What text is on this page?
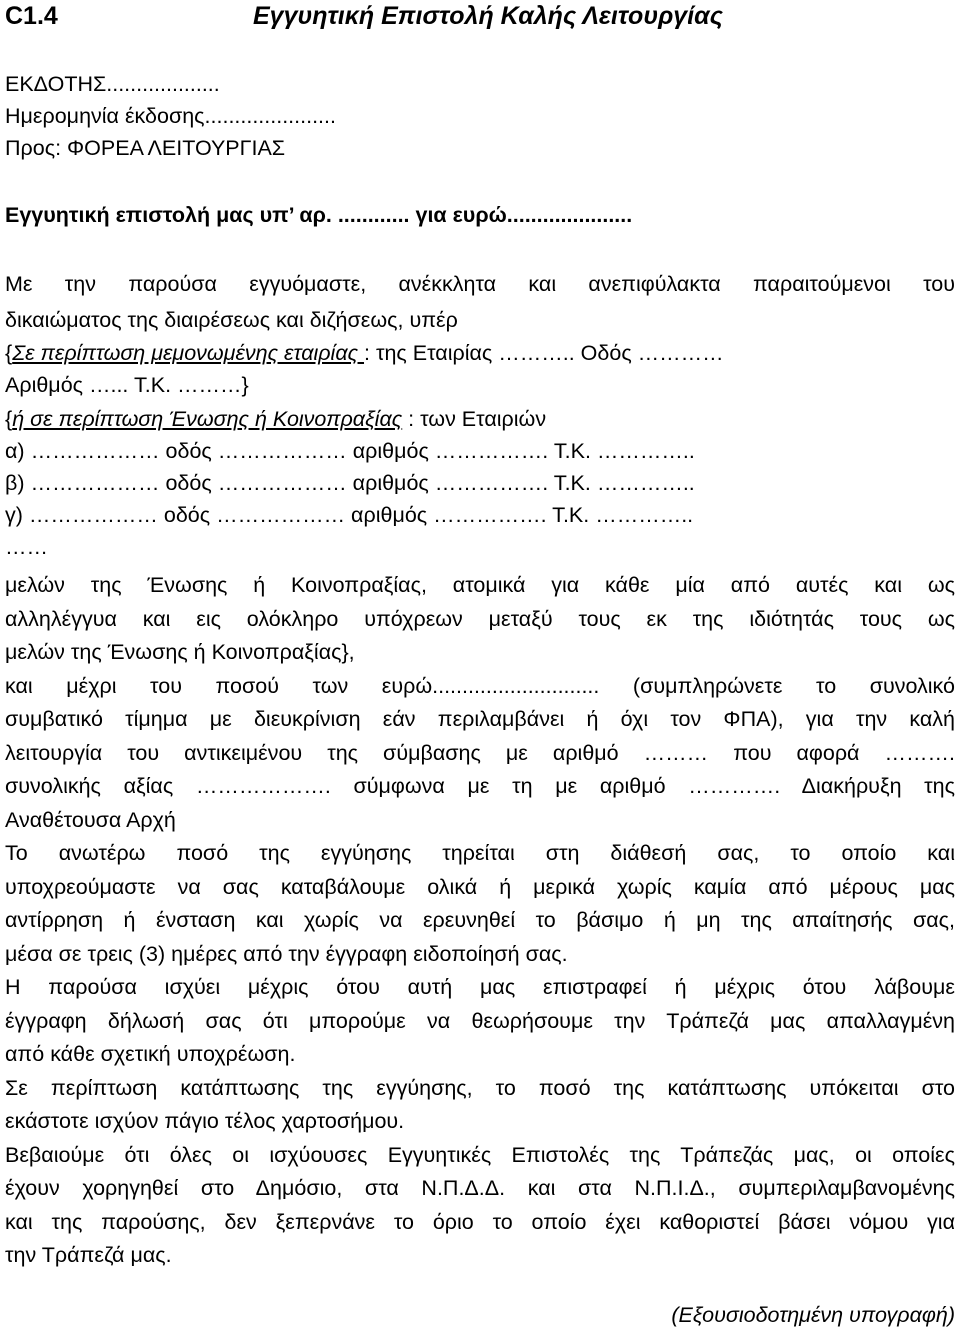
C1.4	Εγγυητική Επιστολή Καλής Λειτουργίας
ΕΚΔΟΤΗΣ...................
Ημερομηνία έκδοσης......................
Προς: ΦΟΡΕΑ ΛΕΙΤΟΥΡΓΙΑΣ
Εγγυητική επιστολή μας υπ’ αρ. ............ για ευρώ.....................
Με την παρούσα εγγυόμαστε, ανέκκλητα και ανεπιφύλακτα παραιτούμενοι του
δικαιώματος της διαιρέσεως και διζήσεως, υπέρ
{Σε περίπτωση μεμονωμένης εταιρίας : της Εταιρίας ……….. Οδός …………
Αριθμός …... Τ.Κ. ………}
{ή σε περίπτωση Ένωσης ή Κοινοπραξίας : των Εταιριών
α) ……………… οδός ……………… αριθμός ……………. Τ.Κ. …………..
β) ……………… οδός ……………… αριθμός ……………. Τ.Κ. …………..
γ) ……………… οδός ……………… αριθμός ……………. Τ.Κ. …………..
……
μελών της Ένωσης ή Κοινοπραξίας, ατομικά για κάθε μία από αυτές και ως
αλληλέγγυα και εις ολόκληρο υπόχρεων μεταξύ τους εκ της ιδιότητάς τους ως
μελών της Ένωσης ή Κοινοπραξίας},
και μέχρι του ποσού των ευρώ............................ (συμπληρώνετε το συνολικό
συμβατικό τίμημα με διευκρίνιση εάν περιλαμβάνει ή όχι τον ΦΠΑ), για την καλή
λειτουργία του αντικειμένου της σύμβασης με αριθμό ……… που αφορά ……….
συνολικής αξίας ………………. σύμφωνα με τη με αριθμό …………. Διακήρυξη της
Αναθέτουσα Αρχή
Το ανωτέρω ποσό της εγγύησης τηρείται στη διάθεσή σας, το οποίο και
υποχρεούμαστε να σας καταβάλουμε ολικά ή μερικά χωρίς καμία από μέρους μας
αντίρρηση ή ένσταση και χωρίς να ερευνηθεί το βάσιμο ή μη της απαίτησής σας,
μέσα σε τρεις (3) ημέρες από την έγγραφη ειδοποίησή σας.
Η παρούσα ισχύει μέχρις ότου αυτή μας επιστραφεί ή μέχρις ότου λάβουμε
έγγραφη δήλωσή σας ότι μπορούμε να θεωρήσουμε την Τράπεζά μας απαλλαγμένη
από κάθε σχετική υποχρέωση.
Σε περίπτωση κατάπτωσης της εγγύησης, το ποσό της κατάπτωσης υπόκειται στο
εκάστοτε ισχύον πάγιο τέλος χαρτοσήμου.
Βεβαιούμε ότι όλες οι ισχύουσες Εγγυητικές Επιστολές της Τράπεζάς μας, οι οποίες
έχουν χορηγηθεί στο Δημόσιο, στα Ν.Π.Δ.Δ. και στα Ν.Π.Ι.Δ., συμπεριλαμβανομένης
και της παρούσης, δεν ξεπερνάνε το όριο το οποίο έχει καθοριστεί βάσει νόμου για
την Τράπεζά μας.
(Εξουσιοδοτημένη υπογραφή)
